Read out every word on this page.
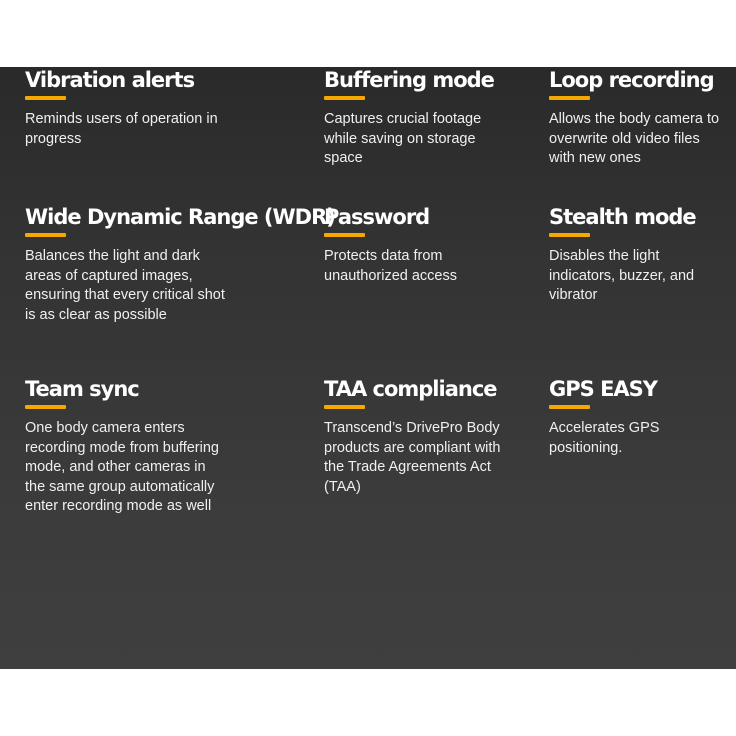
Vibration alerts

Reminds users of operation in progress

Buffering mode

Captures crucial footage while saving on storage space

Loop recording

Allows the body camera to overwrite old video files with new ones

Wide Dynamic Range (WDR)

Balances the light and dark areas of captured images, ensuring that every critical shot is as clear as possible

Password

Protects data from unauthorized access

Stealth mode

Disables the light indicators, buzzer, and vibrator

Team sync

One body camera enters recording mode from buffering mode, and other cameras in the same group automatically enter recording mode as well

TAA compliance

Transcend’s DrivePro Body products are compliant with the Trade Agreements Act (TAA)

GPS EASY

Accelerates GPS positioning.
